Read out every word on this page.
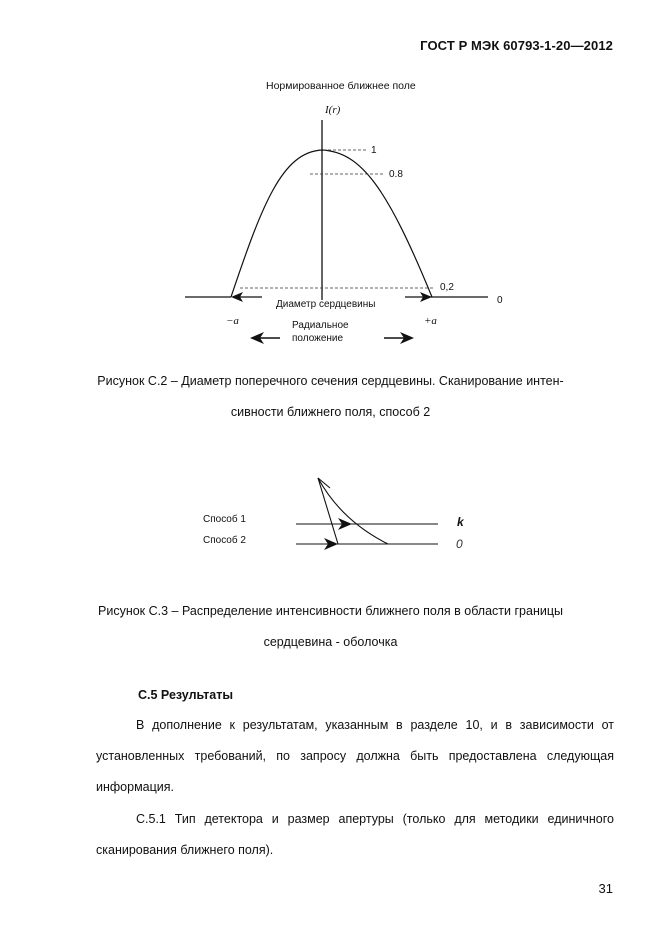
ГОСТ Р МЭК 60793-1-20—2012
Нормированное ближнее поле
I(r)
1
0.8
0,2
0
Диаметр сердцевины
−a	+a
Радиальное
положение
Рисунок С.2 – Диаметр поперечного сечения сердцевины. Сканирование интен-
сивности ближнего поля, способ 2
Способ 1
Способ 2
k
0
Рисунок С.3 – Распределение интенсивности ближнего поля в области границы
сердцевина - оболочка
С.5 Результаты
В дополнение к результатам, указанным в разделе 10, и в зависимости от
установленных требований, по запросу должна быть предоставлена следующая
информация.
С.5.1 Тип детектора и размер апертуры (только для методики единичного
сканирования ближнего поля).
31
